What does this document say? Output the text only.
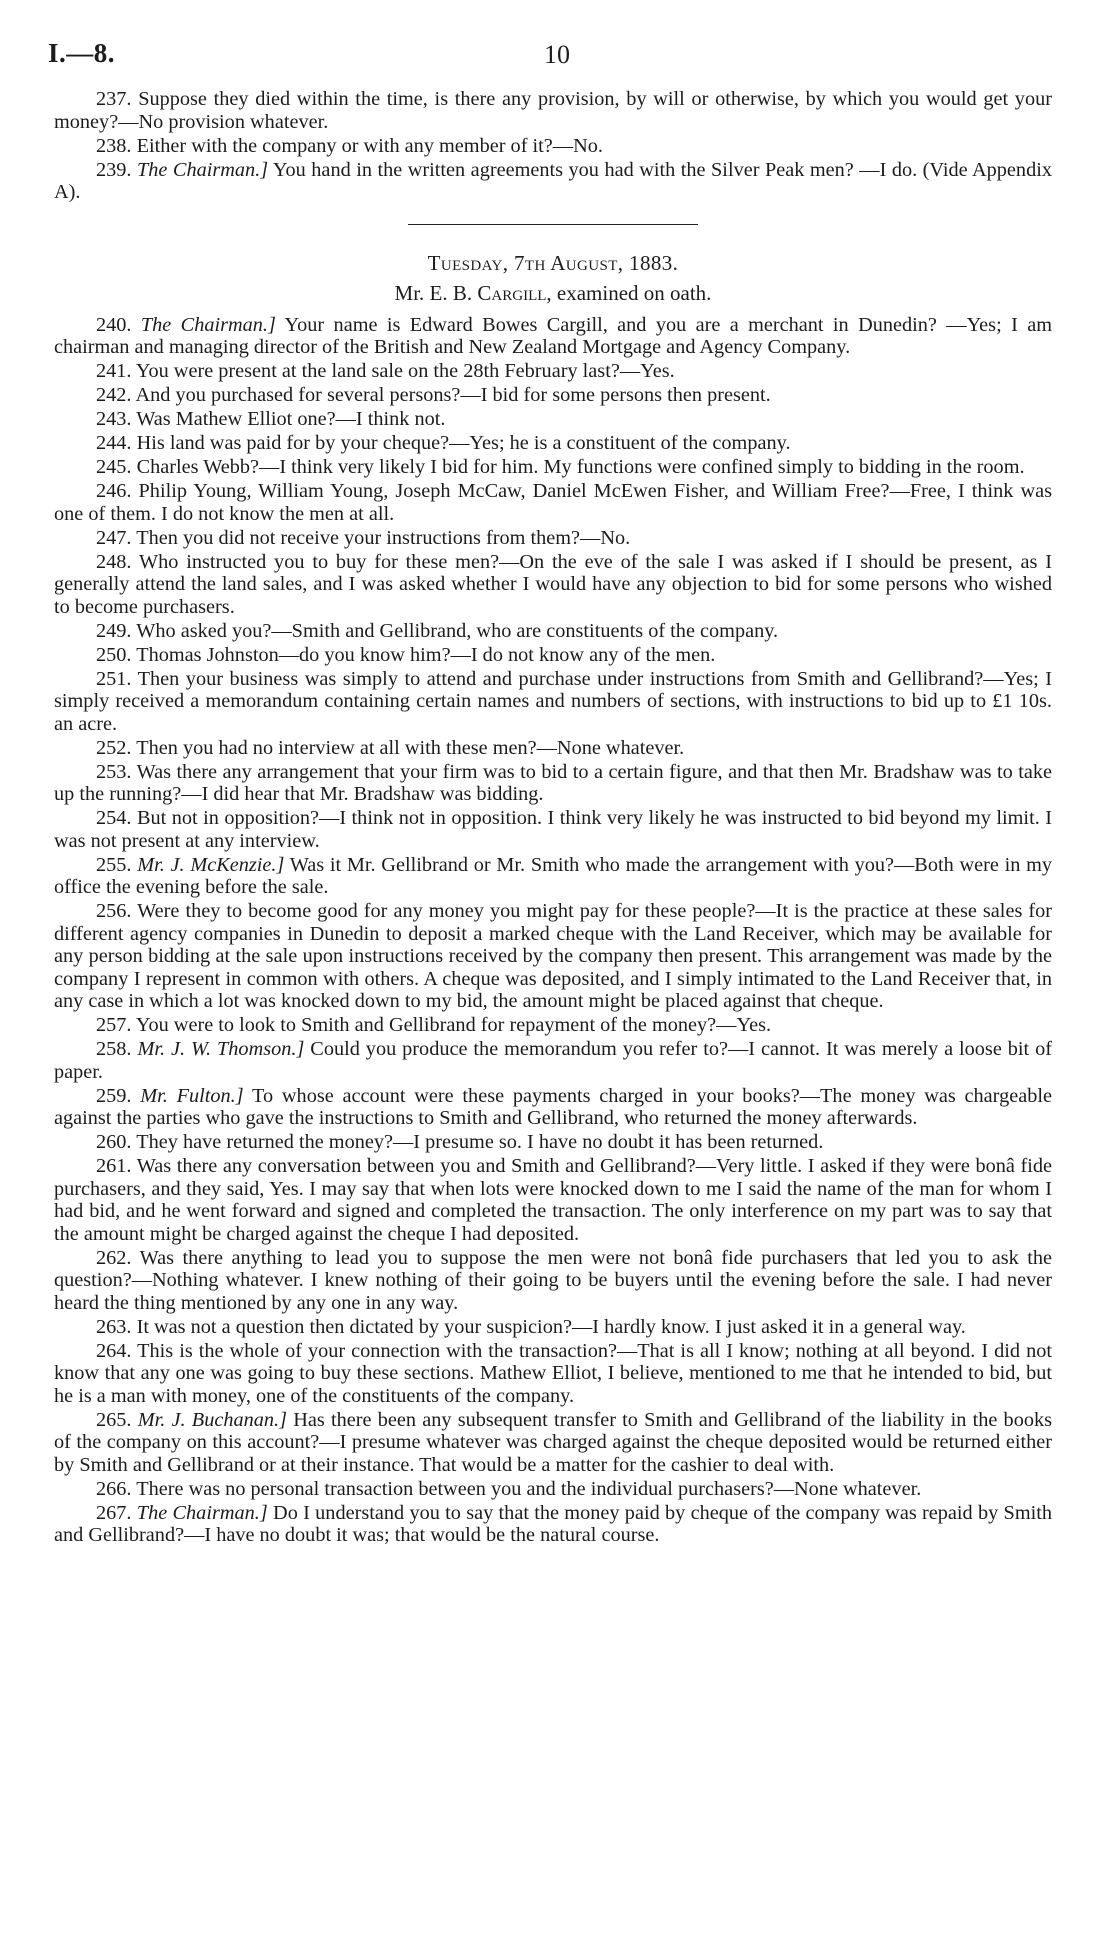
I.—8.	10

237. Suppose they died within the time, is there any provision, by will or otherwise, by which you would get your money?—No provision whatever.

238. Either with the company or with any member of it?—No.

239. The Chairman.] You hand in the written agreements you had with the Silver Peak men? —I do. (Vide Appendix A).

Tuesday, 7th August, 1883.
Mr. E. B. Cargill, examined on oath.

240. The Chairman.] Your name is Edward Bowes Cargill, and you are a merchant in Dunedin? —Yes; I am chairman and managing director of the British and New Zealand Mortgage and Agency Company.

241. You were present at the land sale on the 28th February last?—Yes.

242. And you purchased for several persons?—I bid for some persons then present.

243. Was Mathew Elliot one?—I think not.

244. His land was paid for by your cheque?—Yes; he is a constituent of the company.

245. Charles Webb?—I think very likely I bid for him. My functions were confined simply to bidding in the room.

246. Philip Young, William Young, Joseph McCaw, Daniel McEwen Fisher, and William Free?—Free, I think was one of them. I do not know the men at all.

247. Then you did not receive your instructions from them?—No.

248. Who instructed you to buy for these men?—On the eve of the sale I was asked if I should be present, as I generally attend the land sales, and I was asked whether I would have any objection to bid for some persons who wished to become purchasers.

249. Who asked you?—Smith and Gellibrand, who are constituents of the company.

250. Thomas Johnston—do you know him?—I do not know any of the men.

251. Then your business was simply to attend and purchase under instructions from Smith and Gellibrand?—Yes; I simply received a memorandum containing certain names and numbers of sections, with instructions to bid up to £1 10s. an acre.

252. Then you had no interview at all with these men?—None whatever.

253. Was there any arrangement that your firm was to bid to a certain figure, and that then Mr. Bradshaw was to take up the running?—I did hear that Mr. Bradshaw was bidding.

254. But not in opposition?—I think not in opposition. I think very likely he was instructed to bid beyond my limit. I was not present at any interview.

255. Mr. J. McKenzie.] Was it Mr. Gellibrand or Mr. Smith who made the arrangement with you?—Both were in my office the evening before the sale.

256. Were they to become good for any money you might pay for these people?—It is the practice at these sales for different agency companies in Dunedin to deposit a marked cheque with the Land Receiver, which may be available for any person bidding at the sale upon instructions received by the company then present. This arrangement was made by the company I represent in common with others. A cheque was deposited, and I simply intimated to the Land Receiver that, in any case in which a lot was knocked down to my bid, the amount might be placed against that cheque.

257. You were to look to Smith and Gellibrand for repayment of the money?—Yes.

258. Mr. J. W. Thomson.] Could you produce the memorandum you refer to?—I cannot. It was merely a loose bit of paper.

259. Mr. Fulton.] To whose account were these payments charged in your books?—The money was chargeable against the parties who gave the instructions to Smith and Gellibrand, who returned the money afterwards.

260. They have returned the money?—I presume so. I have no doubt it has been returned.

261. Was there any conversation between you and Smith and Gellibrand?—Very little. I asked if they were bonâ fide purchasers, and they said, Yes. I may say that when lots were knocked down to me I said the name of the man for whom I had bid, and he went forward and signed and completed the transaction. The only interference on my part was to say that the amount might be charged against the cheque I had deposited.

262. Was there anything to lead you to suppose the men were not bonâ fide purchasers that led you to ask the question?—Nothing whatever. I knew nothing of their going to be buyers until the evening before the sale. I had never heard the thing mentioned by any one in any way.

263. It was not a question then dictated by your suspicion?—I hardly know. I just asked it in a general way.

264. This is the whole of your connection with the transaction?—That is all I know; nothing at all beyond. I did not know that any one was going to buy these sections. Mathew Elliot, I believe, mentioned to me that he intended to bid, but he is a man with money, one of the constituents of the company.

265. Mr. J. Buchanan.] Has there been any subsequent transfer to Smith and Gellibrand of the liability in the books of the company on this account?—I presume whatever was charged against the cheque deposited would be returned either by Smith and Gellibrand or at their instance. That would be a matter for the cashier to deal with.

266. There was no personal transaction between you and the individual purchasers?—None whatever.

267. The Chairman.] Do I understand you to say that the money paid by cheque of the company was repaid by Smith and Gellibrand?—I have no doubt it was; that would be the natural course.
